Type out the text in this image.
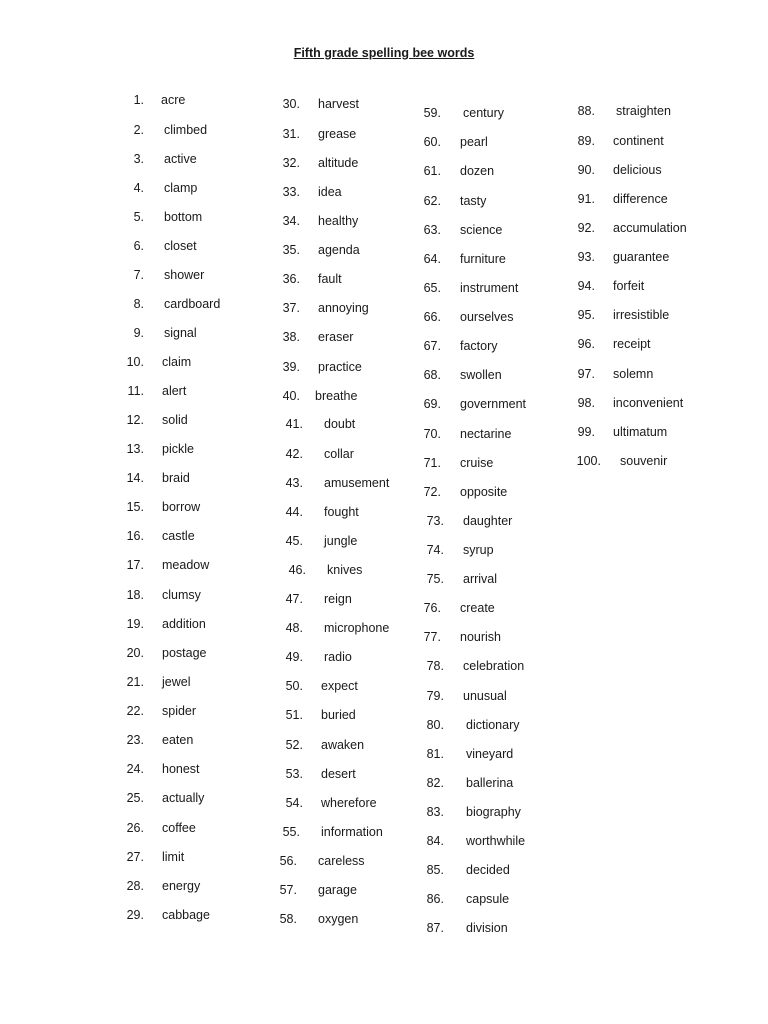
Fifth grade spelling bee words
1. acre
2. climbed
3. active
4. clamp
5. bottom
6. closet
7. shower
8. cardboard
9. signal
10. claim
11. alert
12. solid
13. pickle
14. braid
15. borrow
16. castle
17. meadow
18. clumsy
19. addition
20. postage
21. jewel
22. spider
23. eaten
24. honest
25. actually
26. coffee
27. limit
28. energy
29. cabbage
30. harvest
31. grease
32. altitude
33. idea
34. healthy
35. agenda
36. fault
37. annoying
38. eraser
39. practice
40. breathe
41. doubt
42. collar
43. amusement
44. fought
45. jungle
46. knives
47. reign
48. microphone
49. radio
50. expect
51. buried
52. awaken
53. desert
54. wherefore
55. information
56. careless
57. garage
58. oxygen
59. century
60. pearl
61. dozen
62. tasty
63. science
64. furniture
65. instrument
66. ourselves
67. factory
68. swollen
69. government
70. nectarine
71. cruise
72. opposite
73. daughter
74. syrup
75. arrival
76. create
77. nourish
78. celebration
79. unusual
80. dictionary
81. vineyard
82. ballerina
83. biography
84. worthwhile
85. decided
86. capsule
87. division
88. straighten
89. continent
90. delicious
91. difference
92. accumulation
93. guarantee
94. forfeit
95. irresistible
96. receipt
97. solemn
98. inconvenient
99. ultimatum
100. souvenir
